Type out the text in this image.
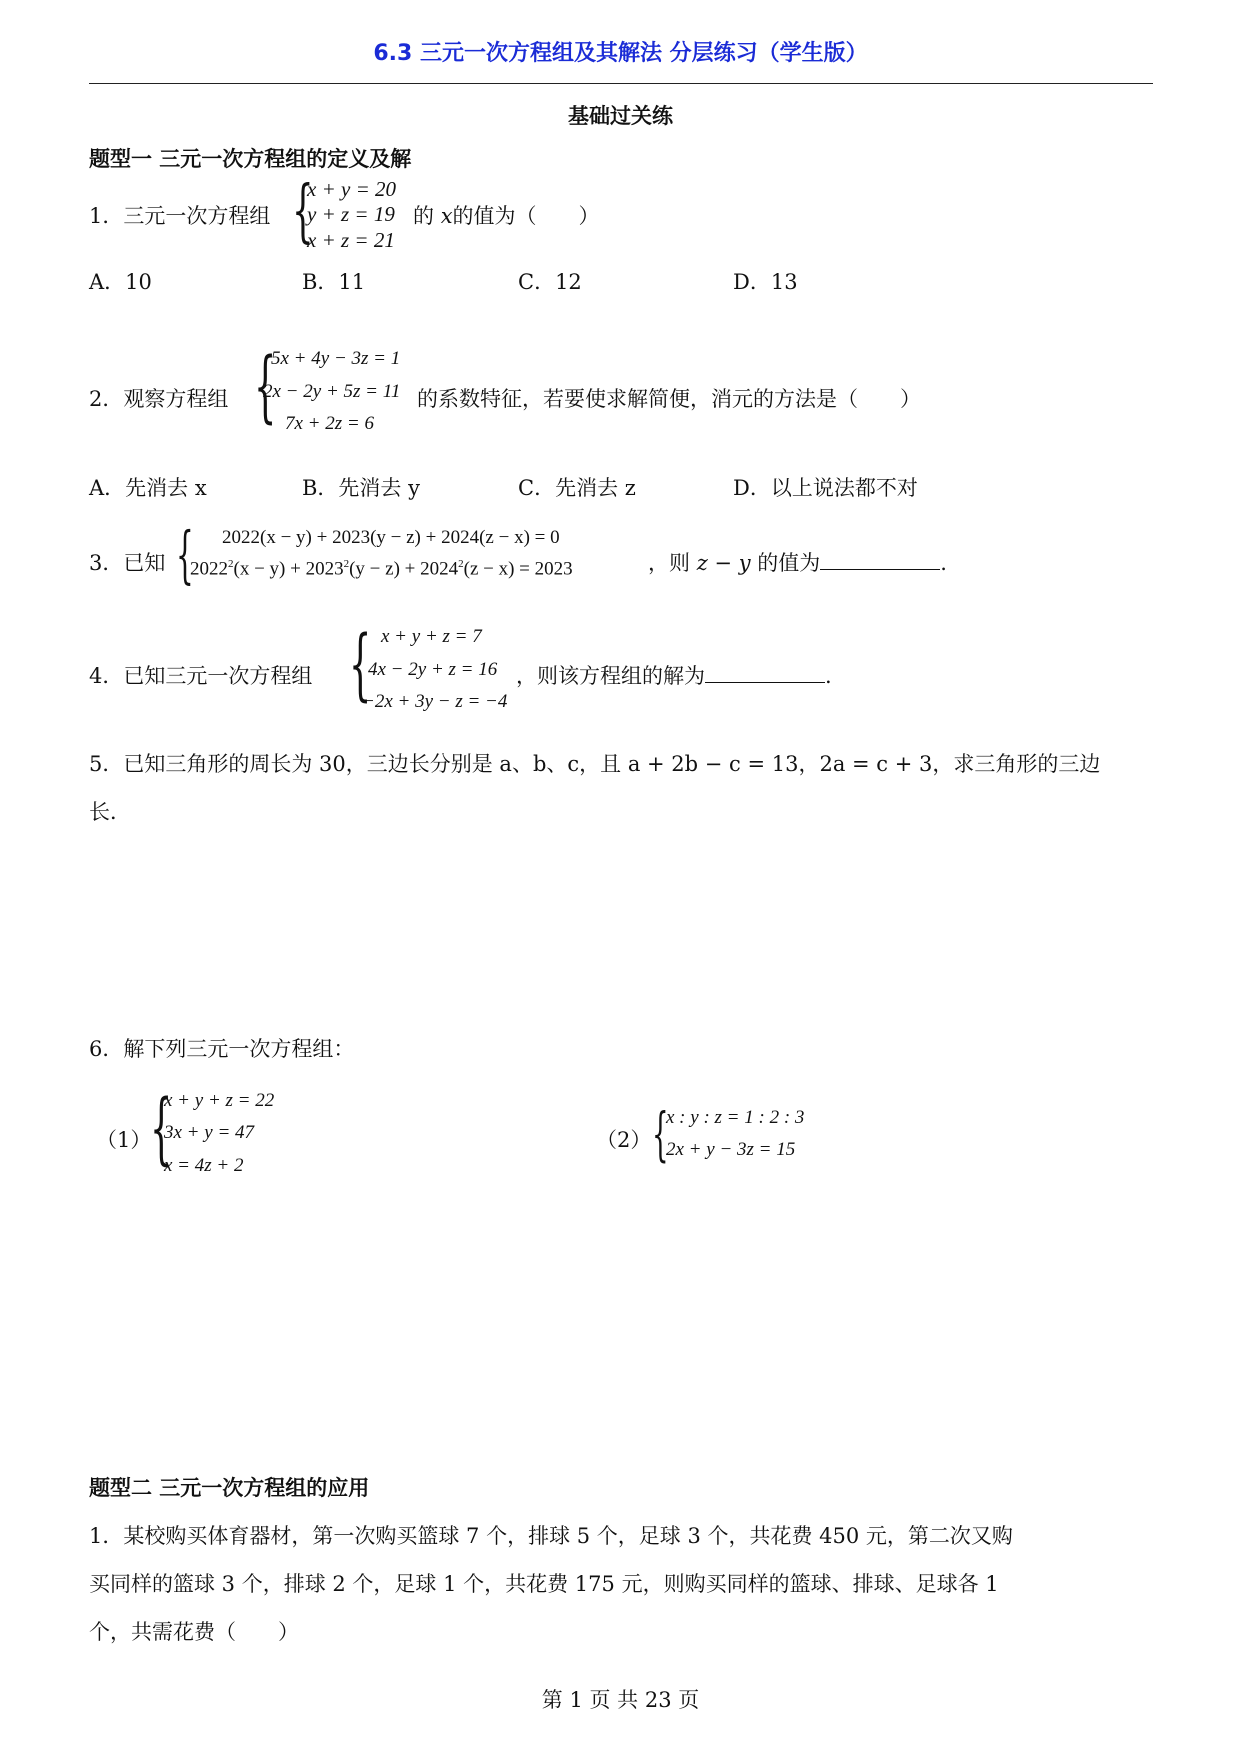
6.3 三元一次方程组及其解法 分层练习（学生版）
基础过关练
题型一 三元一次方程组的定义及解
1．三元一次方程组 {
x + y = 20
y + z = 19
x + z = 21
的 x的值为（　　）
A．10	B．11	C．12	D．13
2．观察方程组 {
5x + 4y − 3z = 1
2x − 2y + 5z = 11
7x + 2z = 6
的系数特征，若要使求解简便，消元的方法是（　　）
A．先消去 x	B．先消去 y	C．先消去 z	D．以上说法都不对
3．已知 { 2022(x − y) + 2023(y − z) + 2024(z − x) = 0
$2022^2(x - y) + 2023^2(y - z) + 2024^2(z - x) = 2023$	，则 z − y 的值为	.
4．已知三元一次方程组 { x + y + z = 7
4x − 2y + z = 16
−2x + 3y − z = −4
，则该方程组的解为	.
5．已知三角形的周长为 30，三边长分别是 a、b、c，且 a + 2b − c = 13，2a = c + 3，求三角形的三边
长．
6．解下列三元一次方程组：
（1）
{
x + y + z = 22
3x + y = 47
x = 4z + 2
（2） {
x : y : z = 1 : 2 : 3
2x + y − 3z = 15
题型二 三元一次方程组的应用
1．某校购买体育器材，第一次购买篮球 7 个，排球 5 个，足球 3 个，共花费 450 元，第二次又购
买同样的篮球 3 个，排球 2 个，足球 1 个，共花费 175 元，则购买同样的篮球、排球、足球各 1
个，共需花费（　　）
第 1 页 共 23 页
